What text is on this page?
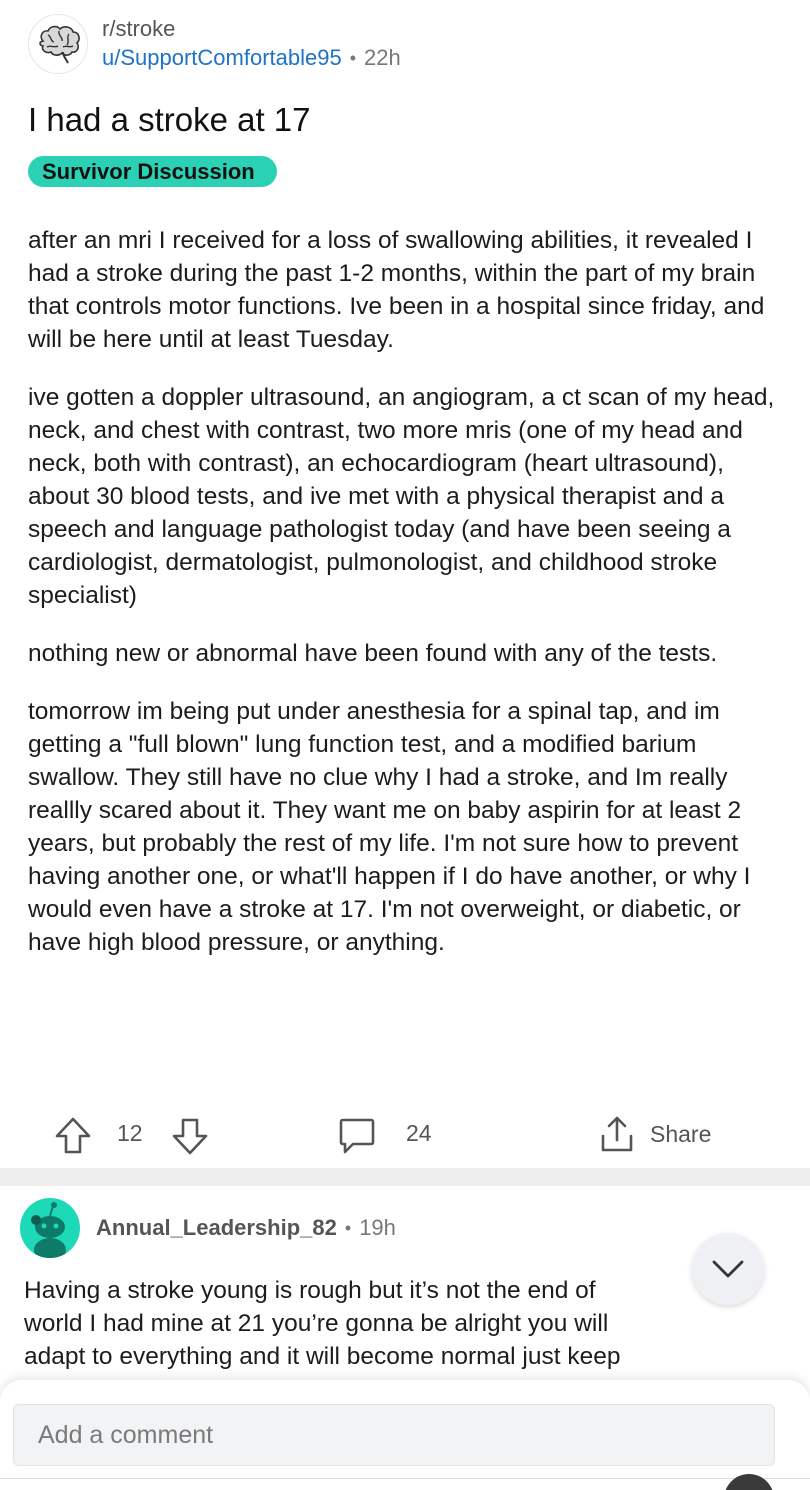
r/stroke
u/SupportComfortable95 • 22h
I had a stroke at 17
Survivor Discussion

after an mri I received for a loss of swallowing abilities, it revealed I had a stroke during the past 1-2 months, within the part of my brain that controls motor functions. Ive been in a hospital since friday, and will be here until at least Tuesday.

ive gotten a doppler ultrasound, an angiogram, a ct scan of my head, neck, and chest with contrast, two more mris (one of my head and neck, both with contrast), an echocardiogram (heart ultrasound), about 30 blood tests, and ive met with a physical therapist and a speech and language pathologist today (and have been seeing a cardiologist, dermatologist, pulmonologist, and childhood stroke specialist)

nothing new or abnormal have been found with any of the tests.

tomorrow im being put under anesthesia for a spinal tap, and im getting a "full blown" lung function test, and a modified barium swallow. They still have no clue why I had a stroke, and Im really reallly scared about it. They want me on baby aspirin for at least 2 years, but probably the rest of my life. I'm not sure how to prevent having another one, or what'll happen if I do have another, or why I would even have a stroke at 17. I'm not overweight, or diabetic, or have high blood pressure, or anything.

12	24	Share
Annual_Leadership_82 • 19h
Having a stroke young is rough but it’s not the end of
world I had mine at 21 you’re gonna be alright you will
adapt to everything and it will become normal just keep
Add a comment
